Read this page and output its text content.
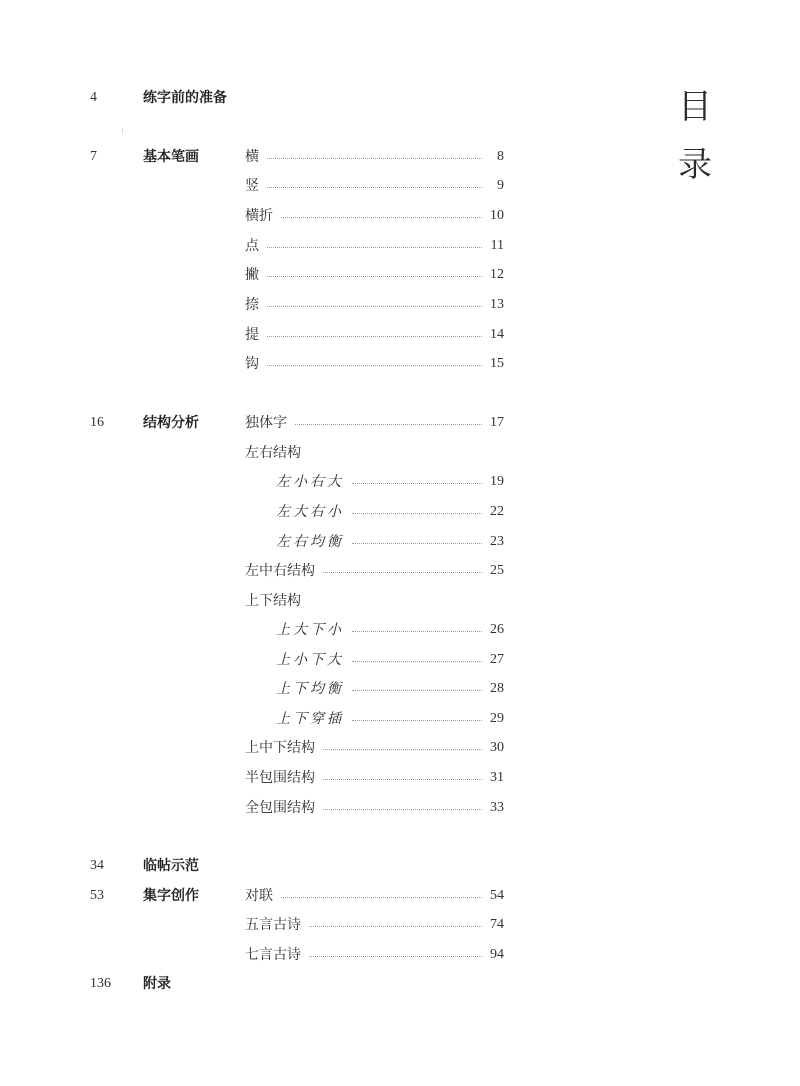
目
录
4	练字前的准备
7	基本笔画	横	8
竖	9
横折	10
点	11
撇	12
捺	13
提	14
钩	15
16	结构分析	独体字	17
左右结构
左小右大	19
左大右小	22
左右均衡	23
左中右结构	25
上下结构
上大下小	26
上小下大	27
上下均衡	28
上下穿插	29
上中下结构	30
半包围结构	31
全包围结构	33
34	临帖示范
53	集字创作	对联	54
五言古诗	74
七言古诗	94
136 附录
